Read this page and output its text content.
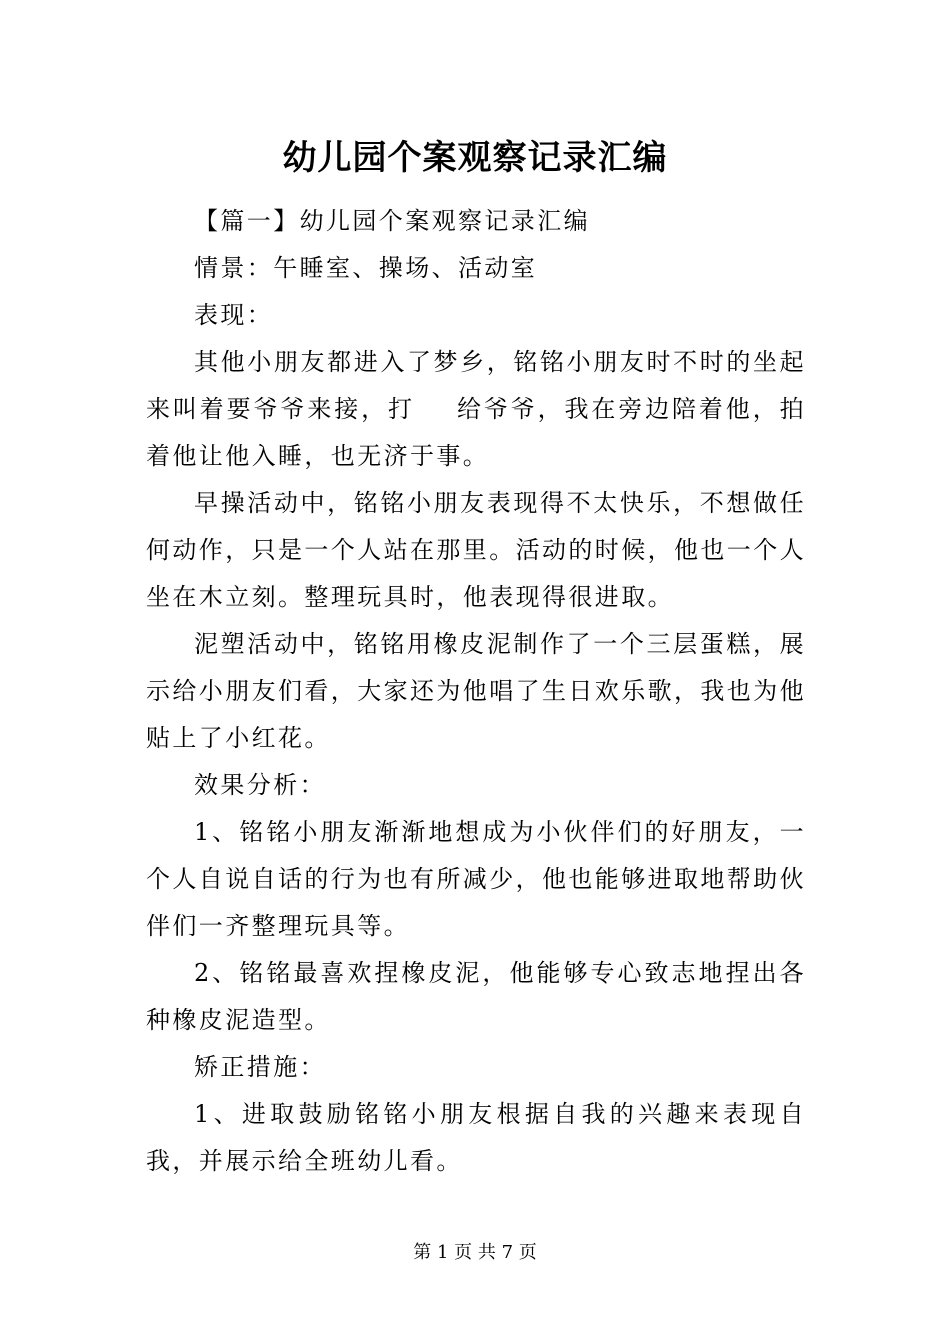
幼儿园个案观察记录汇编

【篇一】幼儿园个案观察记录汇编

情景：午睡室、操场、活动室

表现：

其他小朋友都进入了梦乡，铭铭小朋友时不时的坐起来叫着要爷爷来接，打    给爷爷，我在旁边陪着他，拍着他让他入睡，也无济于事。

早操活动中，铭铭小朋友表现得不太快乐，不想做任何动作，只是一个人站在那里。活动的时候，他也一个人坐在木立刻。整理玩具时，他表现得很进取。

泥塑活动中，铭铭用橡皮泥制作了一个三层蛋糕，展示给小朋友们看，大家还为他唱了生日欢乐歌，我也为他贴上了小红花。

效果分析：

1、铭铭小朋友渐渐地想成为小伙伴们的好朋友，一个人自说自话的行为也有所减少，他也能够进取地帮助伙伴们一齐整理玩具等。

2、铭铭最喜欢捏橡皮泥，他能够专心致志地捏出各种橡皮泥造型。

矫正措施：

1、进取鼓励铭铭小朋友根据自我的兴趣来表现自我，并展示给全班幼儿看。

第 1 页 共 7 页
